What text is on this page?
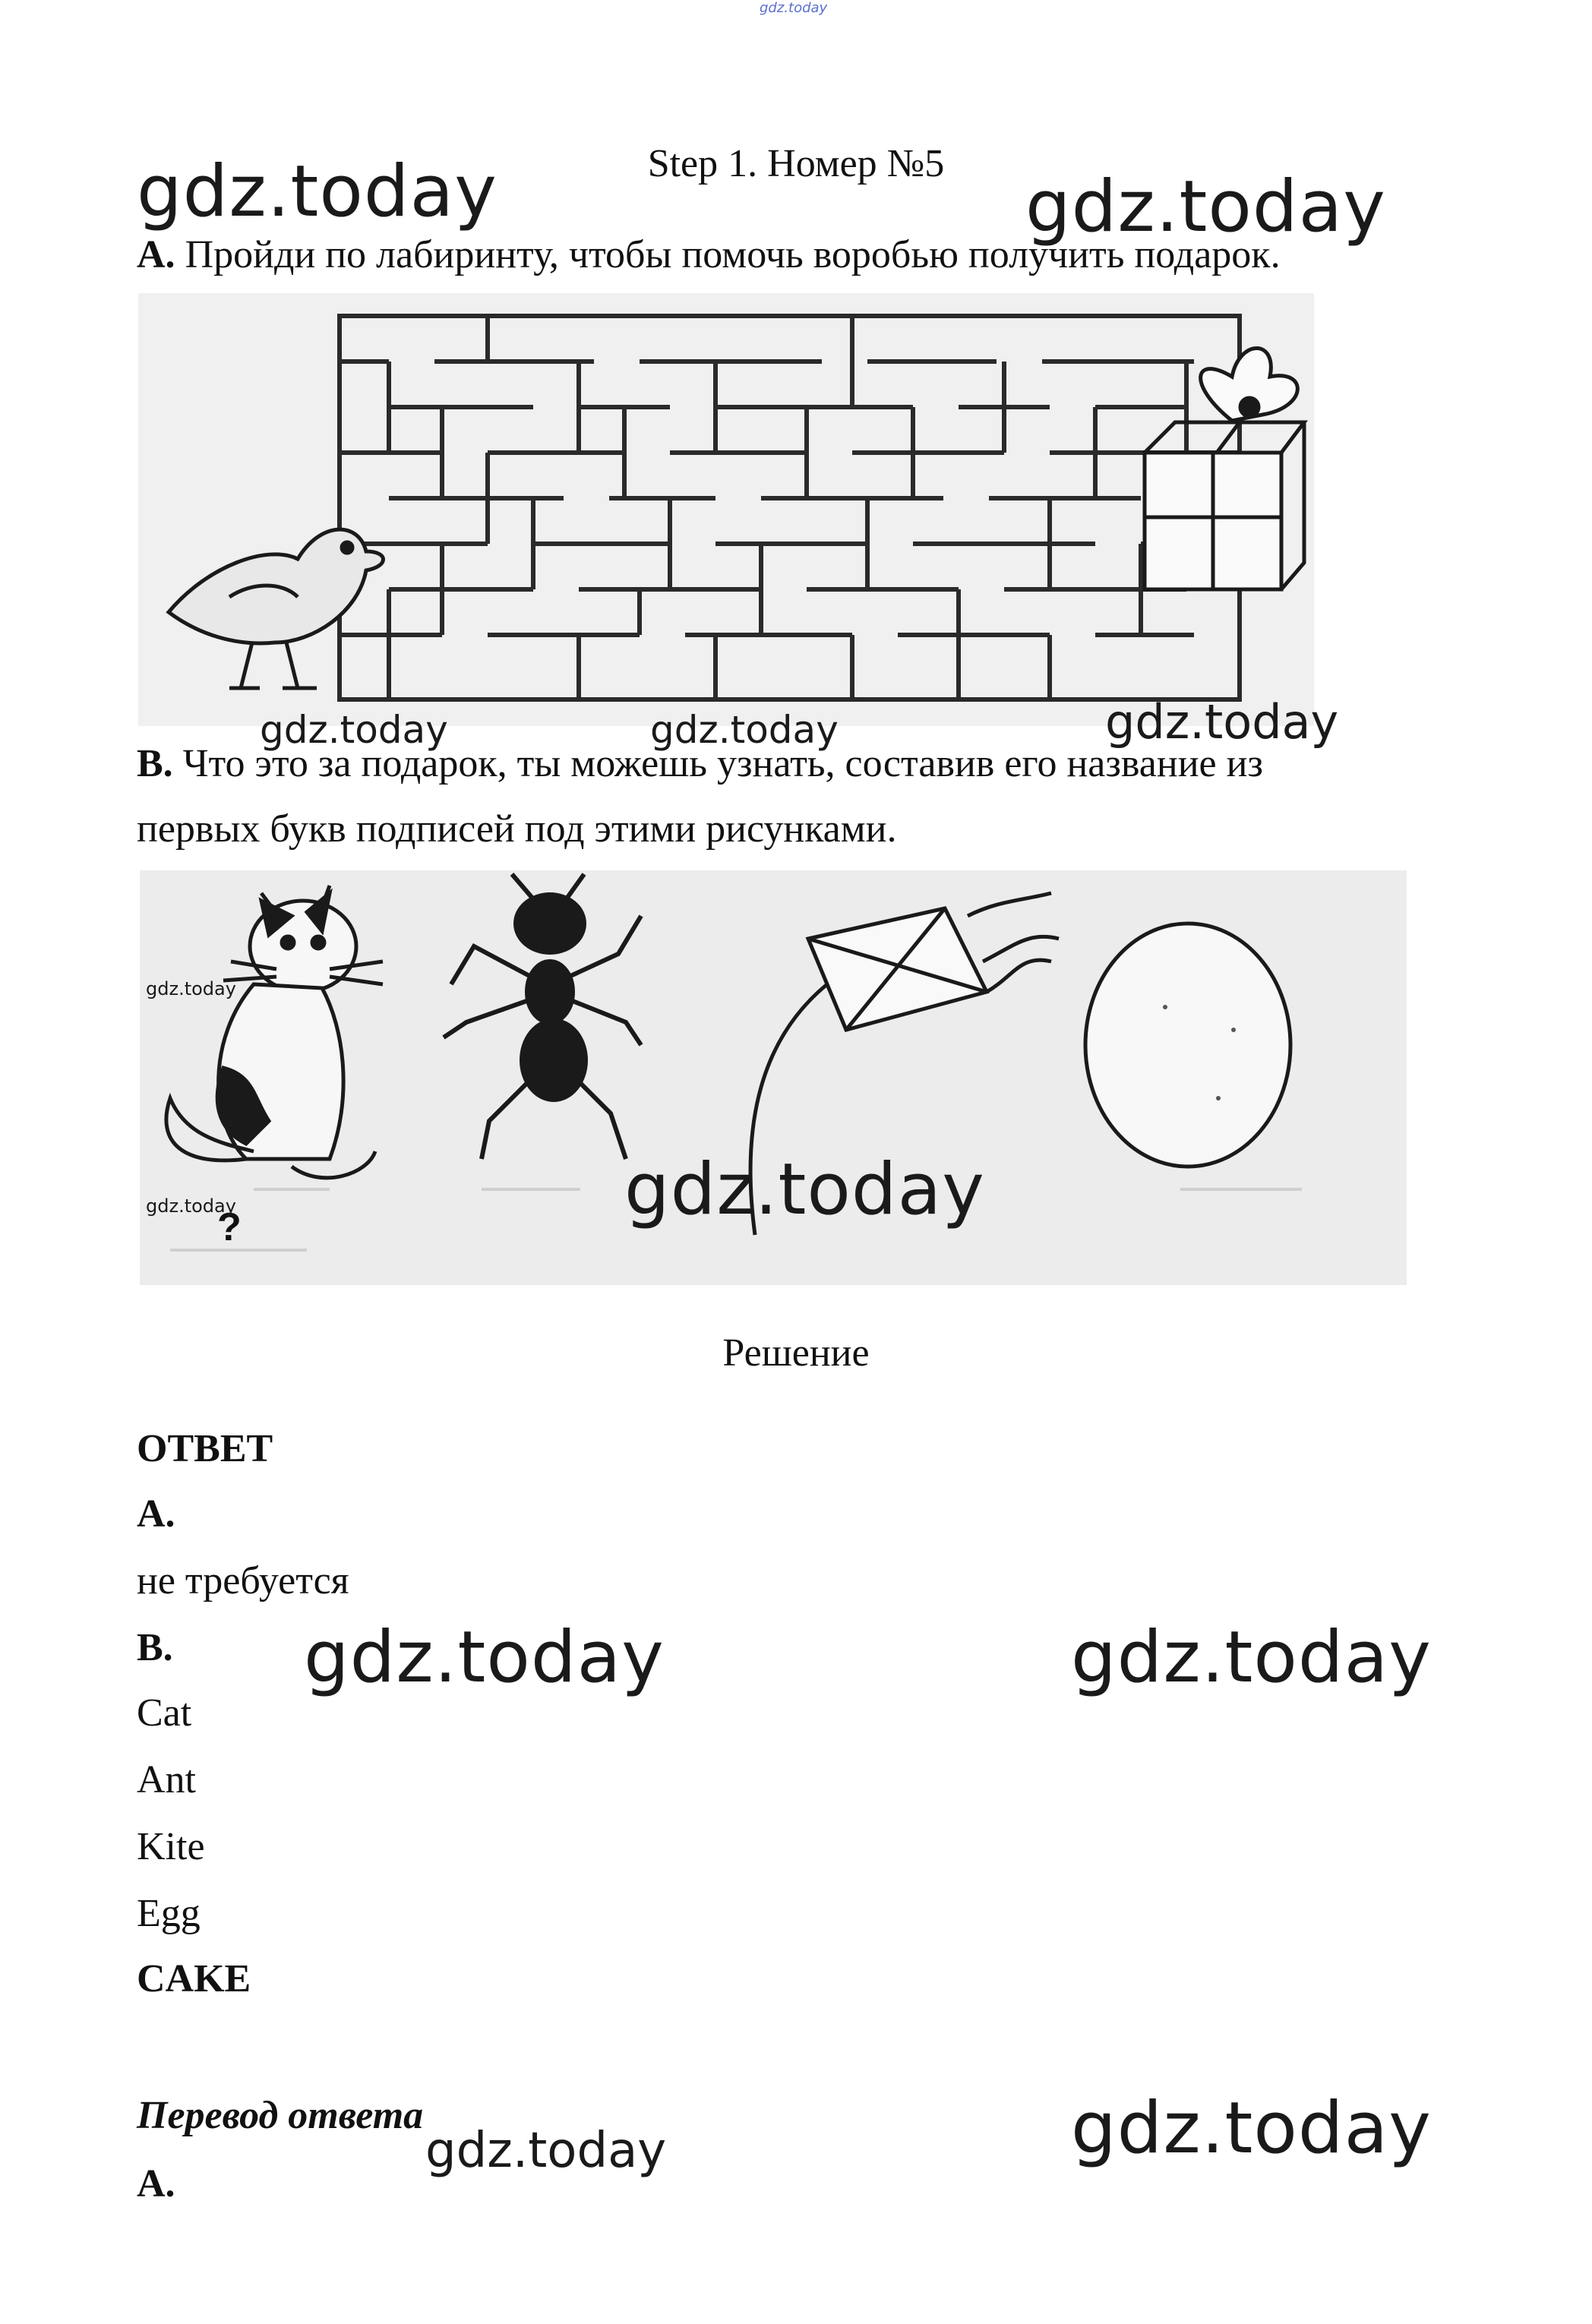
gdz.today
Step 1. Номер №5
gdz.today	gdz.today
А. Пройди по лабиринту, чтобы помочь воробью получить подарок.
gdz.today	gdz.today	gdz.today
В. Что это за подарок, ты можешь узнать, составив его название из
первых букв подписей под этими рисунками.
?
gdz.today
gdz.today	gdz.today
Решение
ОТВЕТ
А.
не требуется
В.
Cat
Ant
Kite
Egg
CAKE
gdz.today	gdz.today
Перевод ответа
А.
gdz.today	gdz.today
